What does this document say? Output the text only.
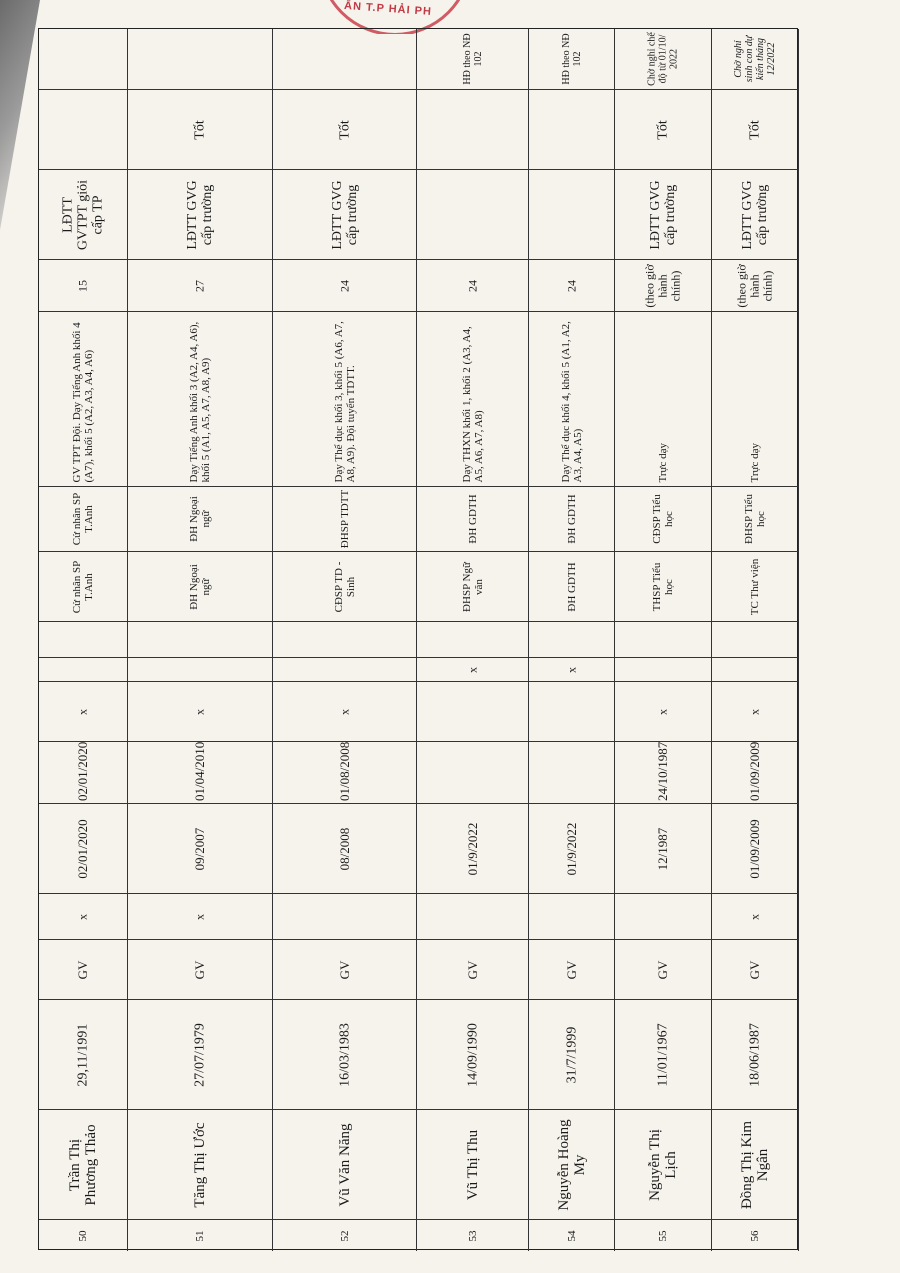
ẤN T.P HẢI PH
LĐTT GVTPT giỏi cấp TP
15
GV TPT Đội. Dạy Tiếng Anh khối 4 (A7), khối 5 (A2, A3, A4, A6)
Cử nhân SP T.Anh
Cử nhân SP T.Anh
x
02/01/2020
02/01/2020
x
GV
29,11/1991
Trần Thị Phương Thảo
50
Tốt
LĐTT GVG cấp trường
27
Dạy Tiếng Anh khối 3 (A2, A4, A6), khối 5 (A1, A5, A7, A8, A9)
ĐH Ngoại ngữ
ĐH Ngoại ngữ
x
01/04/2010
09/2007
x
GV
27/07/1979
Tăng Thị Ước
51
Tốt
LĐTT GVG cấp trường
24
Dạy Thể dục khối 3, khối 5 (A6, A7, A8, A9). Đội tuyển TDTT.
ĐHSP TDTT
CĐSP TD - Sinh
x
01/08/2008
08/2008
GV
16/03/1983
Vũ Văn Năng
52
HĐ theo NĐ 102
24
Dạy THXN khối 1, khối 2 (A3, A4, A5, A6, A7, A8)
ĐH GDTH
ĐHSP Ngữ văn
x
01/9/2022
GV
14/09/1990
Vũ Thị Thu
53
HĐ theo NĐ 102
24
Dạy Thể dục khối 4, khối 5 (A1, A2, A3, A4, A5)
ĐH GDTH
ĐH GDTH
x
01/9/2022
GV
31/7/1999
Nguyễn Hoàng My
54
Chờ nghỉ chế độ từ 01/10/ 2022
Tốt
LĐTT GVG cấp trường
(theo giờ hành chính)
Trực dạy
CĐSP Tiểu học
THSP Tiểu học
x
24/10/1987
12/1987
GV
11/01/1967
Nguyễn Thị Lịch
55
Chờ nghỉ sinh con dự kiến tháng 12/2022
Tốt
LĐTT GVG cấp trường
(theo giờ hành chính)
Trực dạy
ĐHSP Tiểu học
TC Thư viện
x
01/09/2009
01/09/2009
x
GV
18/06/1987
Đồng Thị Kim Ngân
56
